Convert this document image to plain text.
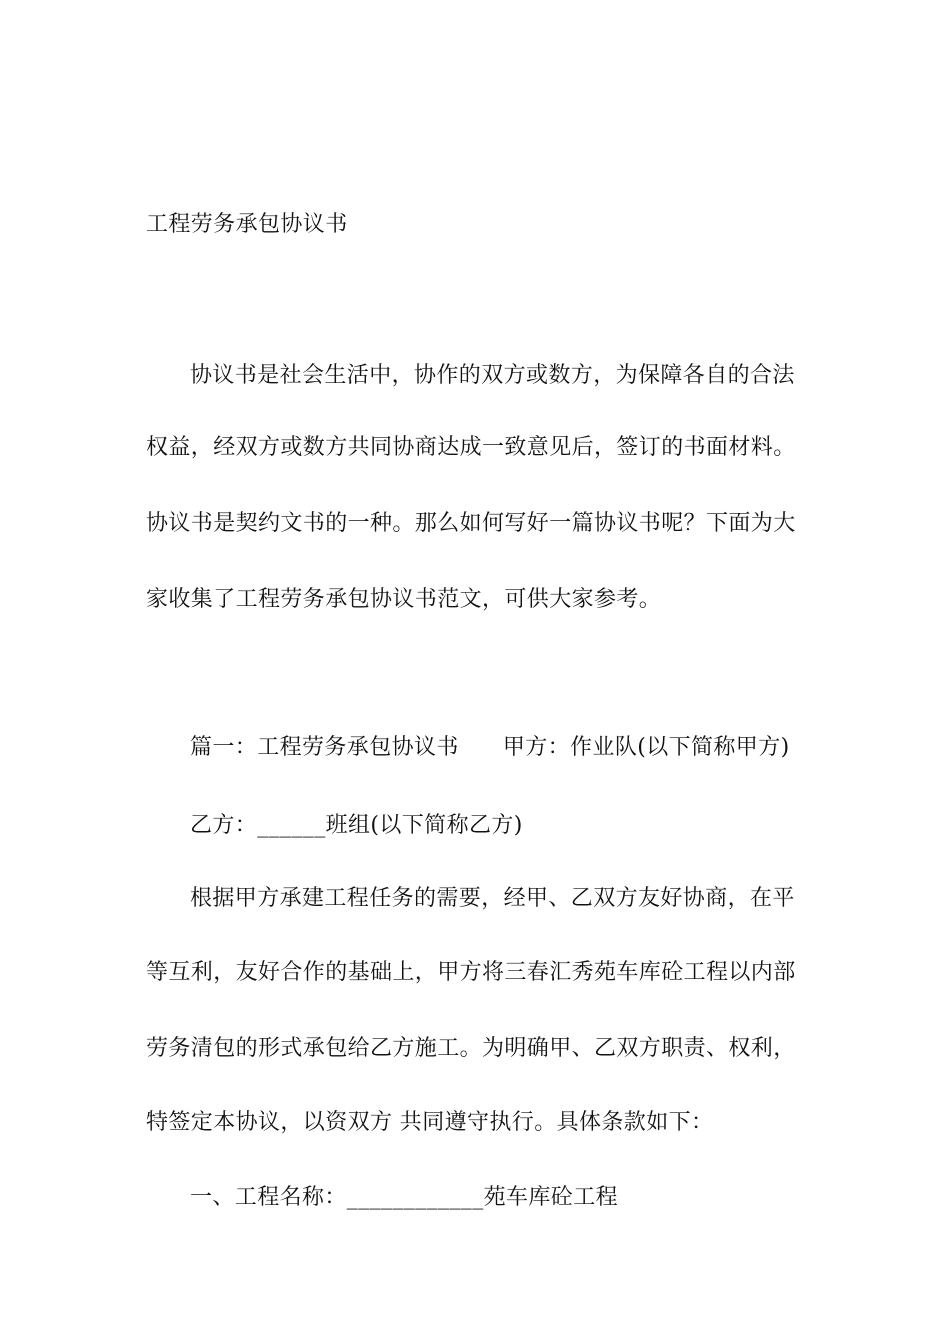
工程劳务承包协议书
协议书是社会生活中，协作的双方或数方，为保障各自的合法
权益，经双方或数方共同协商达成一致意见后，签订的书面材料。
协议书是契约文书的一种。那么如何写好一篇协议书呢？下面为大
家收集了工程劳务承包协议书范文，可供大家参考。
篇一：工程劳务承包协议书 甲方：作业队(以下简称甲方)
乙方：______班组(以下简称乙方)
根据甲方承建工程任务的需要，经甲、乙双方友好协商，在平
等互利，友好合作的基础上，甲方将三春汇秀苑车库砼工程以内部
劳务清包的形式承包给乙方施工。为明确甲、乙双方职责、权利，
特签定本协议，以资双方 共同遵守执行。具体条款如下：
一、工程名称：____________苑车库砼工程
